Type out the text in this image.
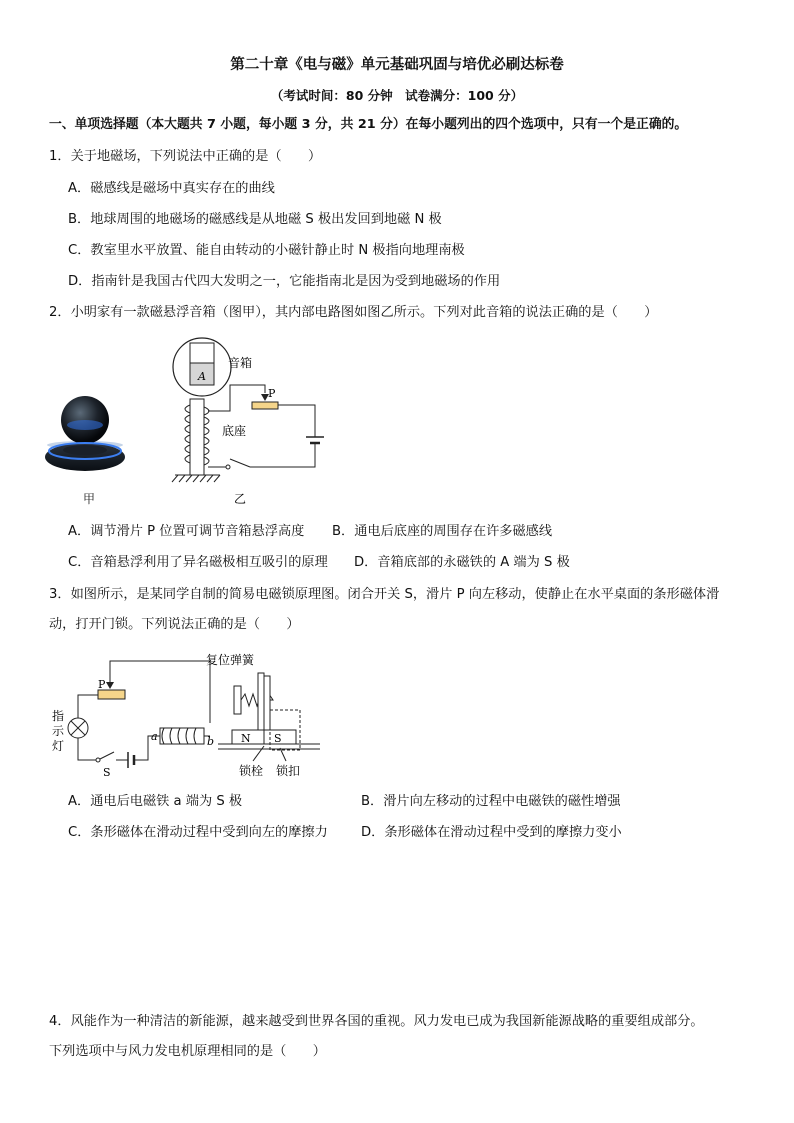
第二十章《电与磁》单元基础巩固与培优必刷达标卷
（考试时间：80 分钟　试卷满分：100 分）
一、单项选择题（本大题共 7 小题，每小题 3 分，共 21 分）在每小题列出的四个选项中，只有一个是正确的。
1．关于地磁场，下列说法中正确的是（　　）
A．磁感线是磁场中真实存在的曲线
B．地球周围的地磁场的磁感线是从地磁 S 极出发回到地磁 N 极
C．教室里水平放置、能自由转动的小磁针静止时 N 极指向地理南极
D．指南针是我国古代四大发明之一，它能指南北是因为受到地磁场的作用
2．小明家有一款磁悬浮音箱（图甲），其内部电路图如图乙所示。下列对此音箱的说法正确的是（　　）
甲
A
音箱
P
底座
乙
A．调节滑片 P 位置可调节音箱悬浮高度 B．通电后底座的周围存在许多磁感线
C．音箱悬浮利用了异名磁极相互吸引的原理 D．音箱底部的永磁铁的 A 端为 S 极
3．如图所示，是某同学自制的简易电磁锁原理图。闭合开关 S，滑片 P 向左移动，使静止在水平桌面的条形磁体滑
动，打开门锁。下列说法正确的是（　　）
P
指
示
灯
S
a	b
复位弹簧
N S
锁栓 锁扣
A．通电后电磁铁 a 端为 S 极	B．滑片向左移动的过程中电磁铁的磁性增强
C．条形磁体在滑动过程中受到向左的摩擦力	D．条形磁体在滑动过程中受到的摩擦力变小
4．风能作为一种清洁的新能源，越来越受到世界各国的重视。风力发电已成为我国新能源战略的重要组成部分。
下列选项中与风力发电机原理相同的是（　　）
